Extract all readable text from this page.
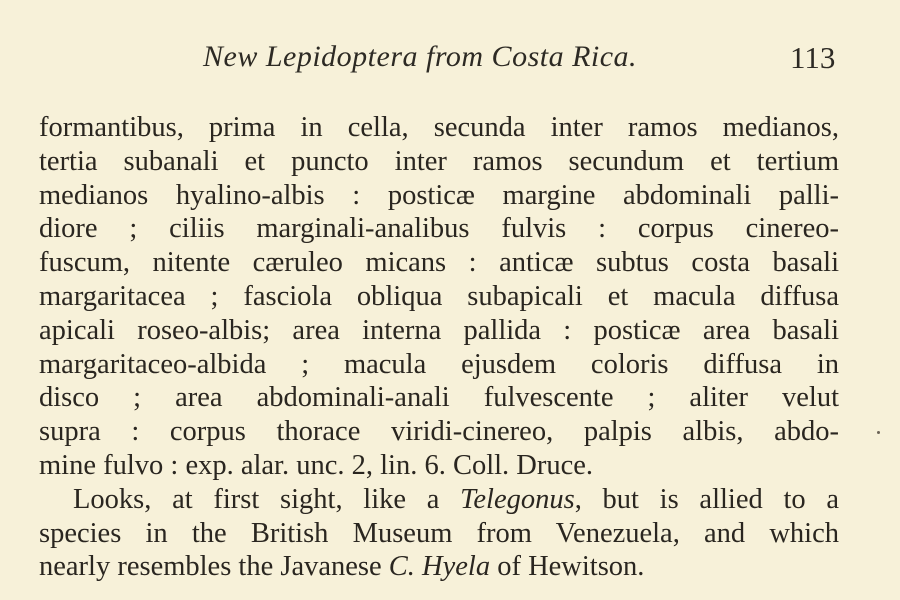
New Lepidoptera from Costa Rica.	113
formantibus, prima in cella, secunda inter ramos medianos,
tertia subanali et puncto inter ramos secundum et tertium
medianos hyalino-albis : posticæ margine abdominali palli-
diore ; ciliis marginali-analibus fulvis : corpus cinereo-
fuscum, nitente cæruleo micans : anticæ subtus costa basali
margaritacea ; fasciola obliqua subapicali et macula diffusa
apicali roseo-albis; area interna pallida : posticæ area basali
margaritaceo-albida ; macula ejusdem coloris diffusa in
disco ; area abdominali-anali fulvescente ; aliter velut
supra : corpus thorace viridi-cinereo, palpis albis, abdo-
mine fulvo : exp. alar. unc. 2, lin. 6. Coll. Druce.
Looks, at first sight, like a Telegonus, but is allied to a
species in the British Museum from Venezuela, and which
nearly resembles the Javanese C. Hyela of Hewitson.
